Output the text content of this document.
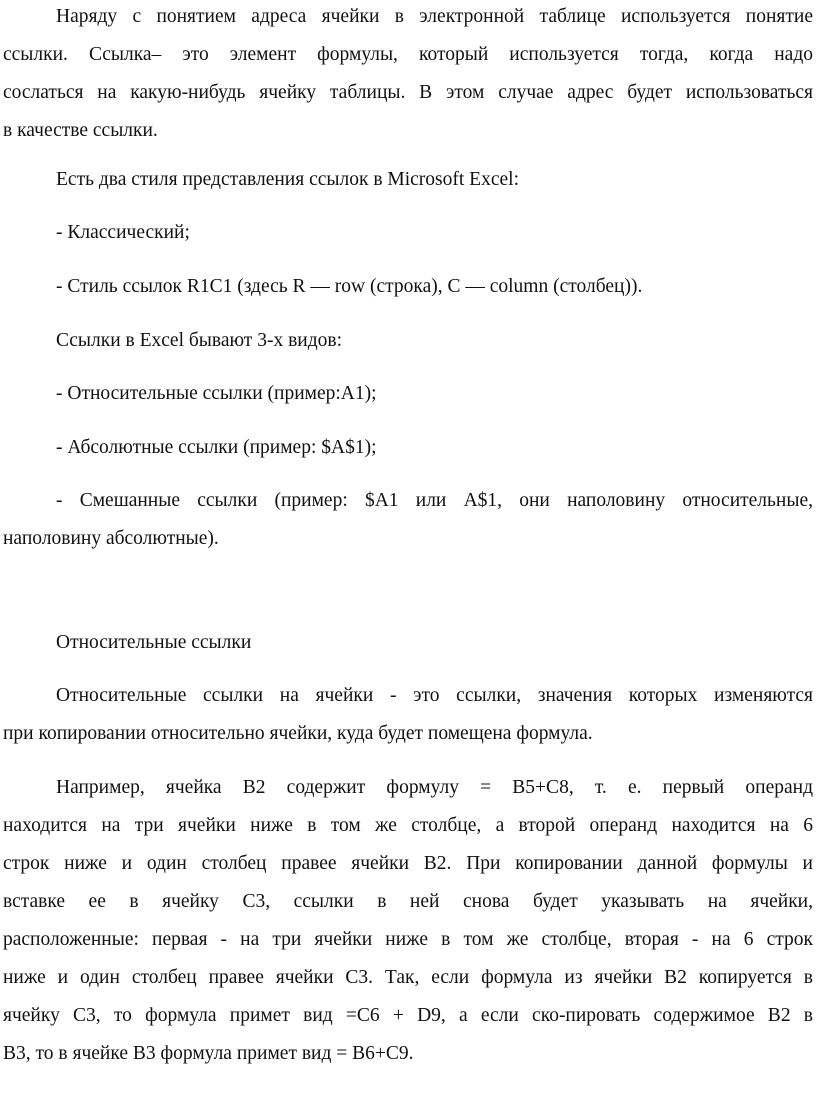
Наряду с понятием адреса ячейки в электронной таблице используется понятие
ссылки. Ссылка– это элемент формулы, который используется тогда, когда надо
сослаться на какую-нибудь ячейку таблицы. В этом случае адрес будет использоваться
в качестве ссылки.

Есть два стиля представления ссылок в Microsoft Excel:

- Классический;

- Стиль ссылок R1C1 (здесь R — row (строка), C — column (столбец)).

Ссылки в Excel бывают 3-х видов:

- Относительные ссылки (пример:A1);

- Абсолютные ссылки (пример: $A$1);

- Смешанные ссылки (пример: $A1 или A$1, они наполовину относительные,
наполовину абсолютные).

Относительные ссылки

Относительные ссылки на ячейки - это ссылки, значения которых изменяются
при копировании относительно ячейки, куда будет помещена формула.

Например, ячейка B2 содержит формулу = B5+C8, т. е. первый операнд
находится на три ячейки ниже в том же столбце, а второй операнд находится на 6
строк ниже и один столбец правее ячейки B2. При копировании данной формулы и
вставке ее в ячейку C3, ссылки в ней снова будет указывать на ячейки,
расположенные: первая - на три ячейки ниже в том же столбце, вторая - на 6 строк
ниже и один столбец правее ячейки C3. Так, если формула из ячейки B2 копируется в
ячейку C3, то формула примет вид =C6 + D9, а если ско-пировать содержимое B2 в
B3, то в ячейке B3 формула примет вид = B6+C9.
